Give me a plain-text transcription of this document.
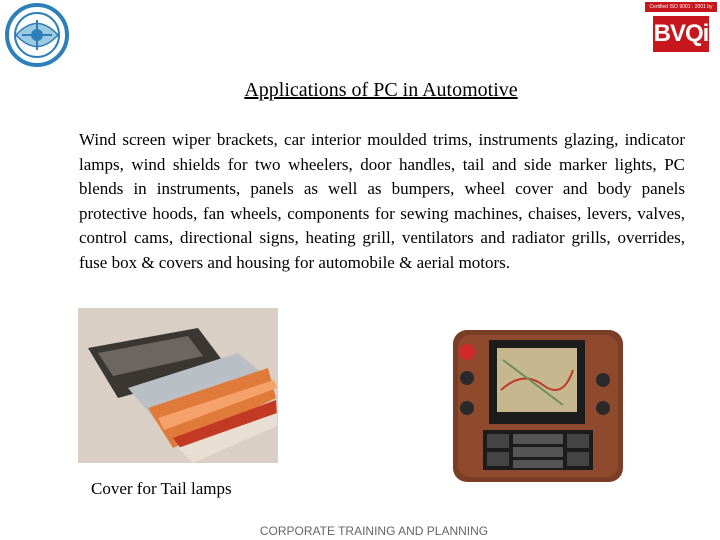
Certified ISO 9001 : 2001 by
BVQi
Applications of PC in Automotive
Wind screen wiper brackets, car interior moulded trims, instruments glazing, indicator lamps, wind shields for two wheelers, door handles, tail and side marker lights, PC blends in instruments, panels as well as bumpers, wheel cover and body panels protective hoods, fan wheels, components for sewing machines, chaises, levers, valves, control cams, directional signs, heating grill, ventilators and radiator grills, overrides, fuse box & covers and housing for automobile & aerial motors.
Cover for Tail lamps
CORPORATE TRAINING AND PLANNING
